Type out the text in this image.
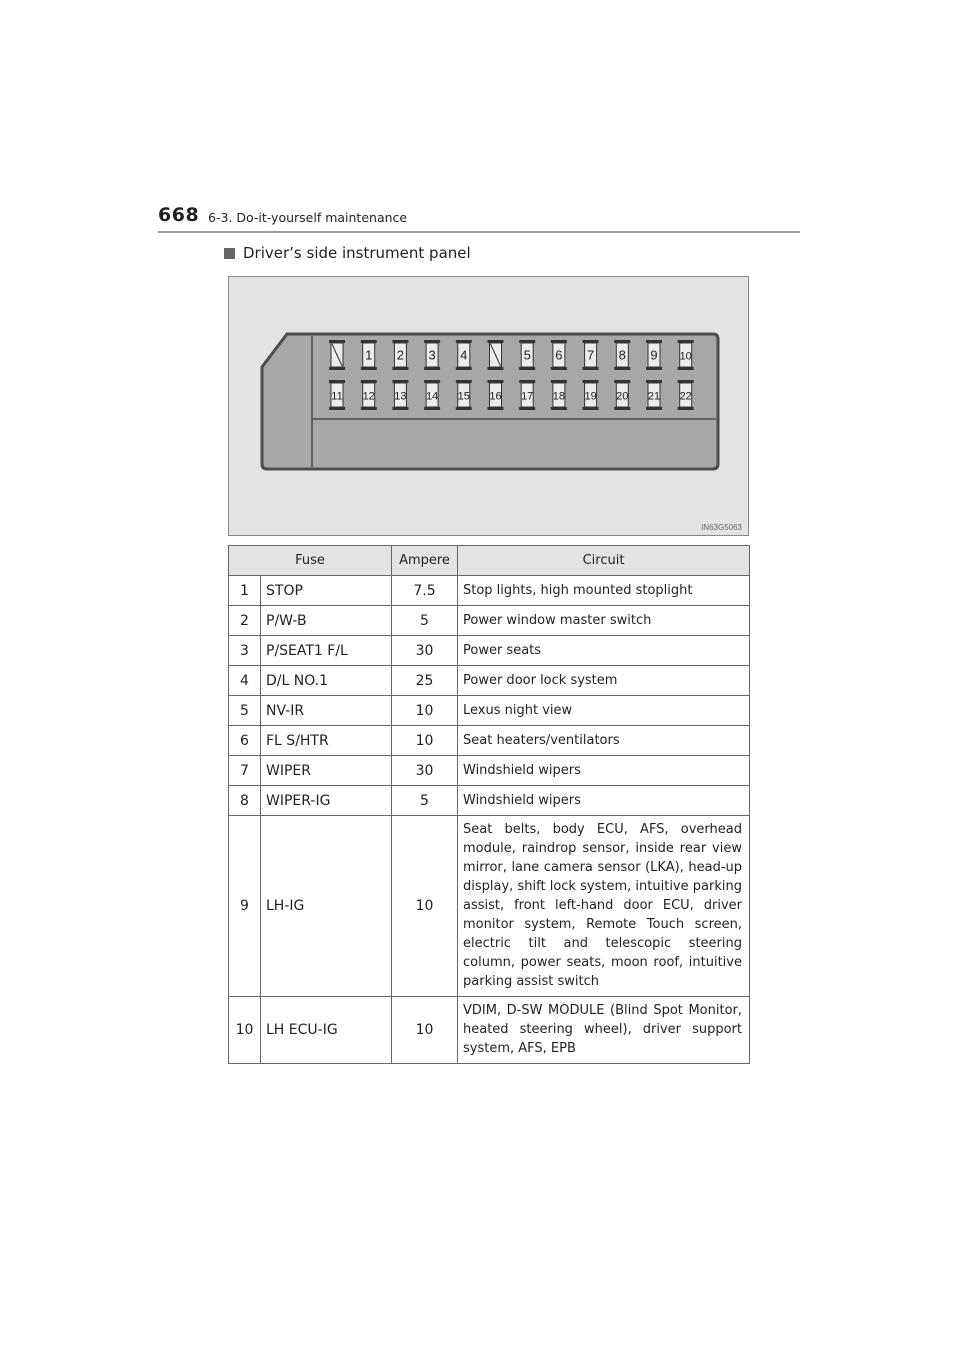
668 6-3. Do-it-yourself maintenance
Driver’s side instrument panel
1 2 3 4	5 6 7 8 9 10
11 12 13 14 15 16 17 18 19 20 21 22
IN63G5063
Fuse		Ampere	Circuit
1	STOP	7.5	Stop lights, high mounted stoplight
2	P/W-B	5	Power window master switch
3	P/SEAT1 F/L	30	Power seats
4	D/L NO.1	25	Power door lock system
5	NV-IR	10	Lexus night view
6	FL S/HTR	10	Seat heaters/ventilators
7	WIPER	30	Windshield wipers
8	WIPER-IG	5	Windshield wipers
9	LH-IG	10	Seat belts, body ECU, AFS, overhead module, raindrop sensor, inside rear view mirror, lane camera sensor (LKA), head-up display, shift lock system, intuitive parking assist, front left-hand door ECU, driver monitor system, Remote Touch screen, electric tilt and telescopic steering column, power seats, moon roof, intuitive parking assist switch
10	LH ECU-IG	10	VDIM, D-SW MODULE (Blind Spot Monitor, heated steering wheel), driver support system, AFS, EPB
